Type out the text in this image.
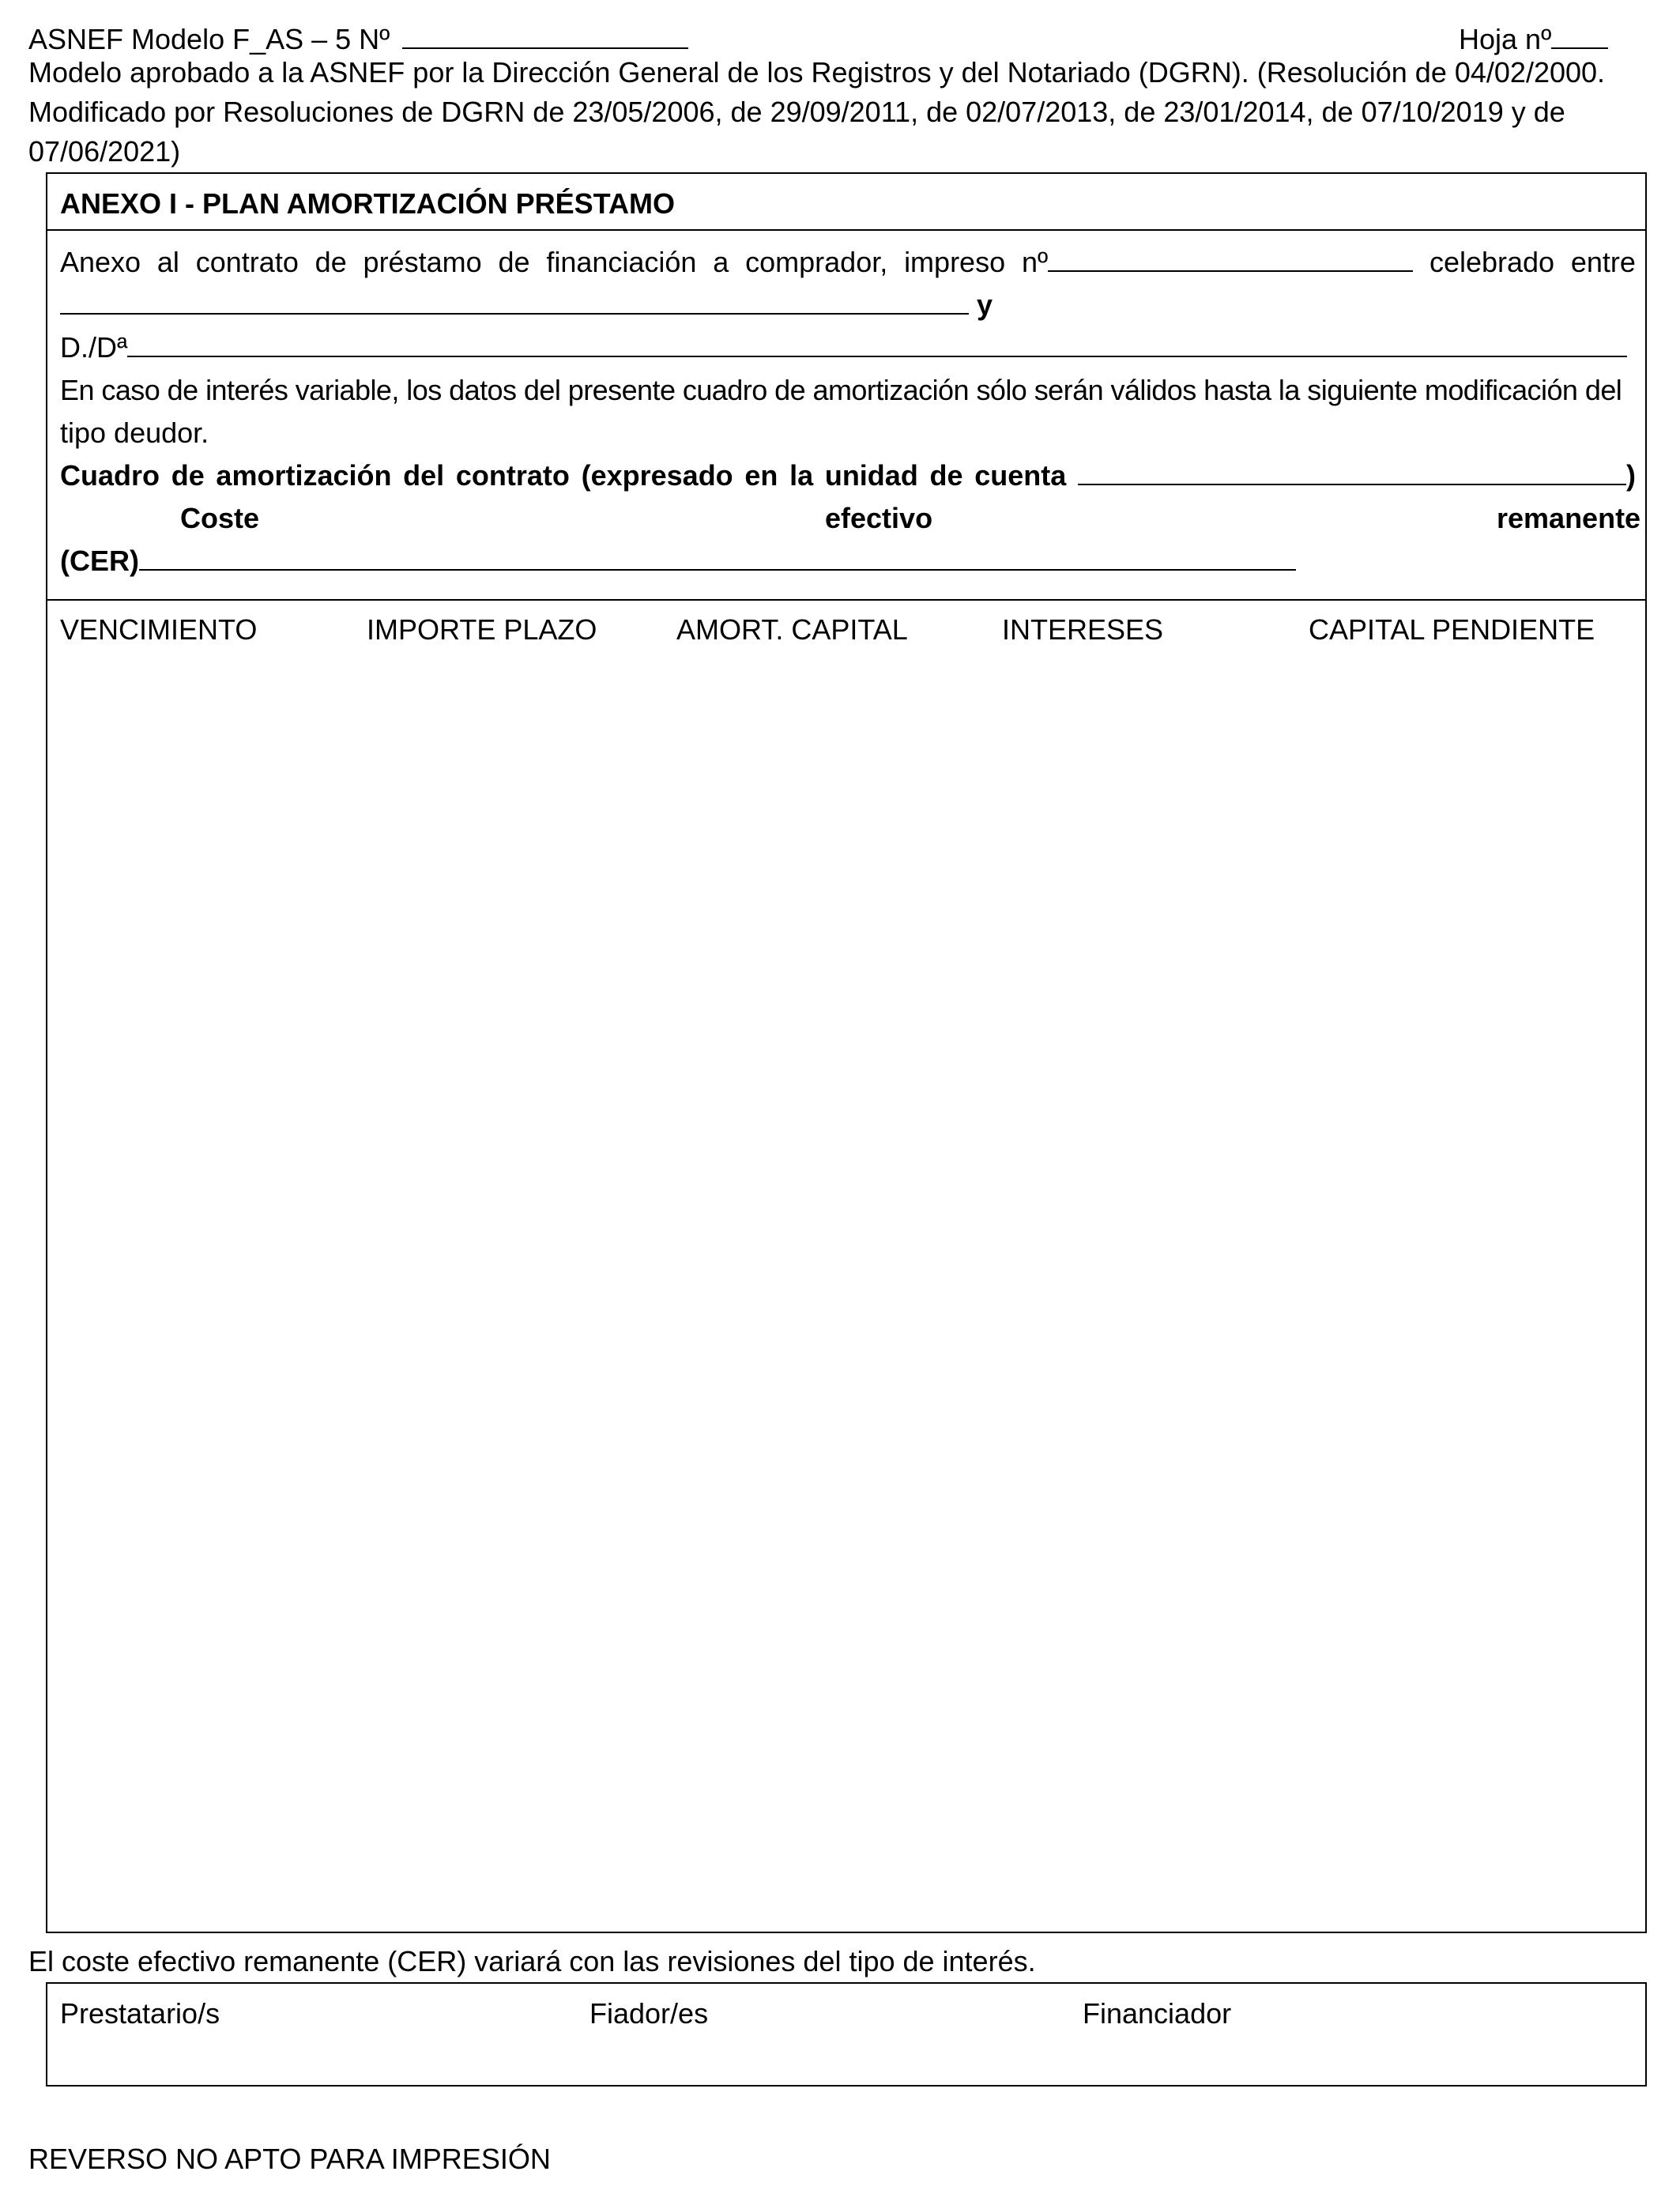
ASNEF Modelo F_AS – 5 Nº	Hoja nº
Modelo aprobado a la ASNEF por la Dirección General de los Registros y del Notariado (DGRN). (Resolución de 04/02/2000.
Modificado por Resoluciones de DGRN de 23/05/2006, de 29/09/2011, de 02/07/2013, de 23/01/2014, de 07/10/2019 y de
07/06/2021)
ANEXO I - PLAN AMORTIZACIÓN PRÉSTAMO
Anexo al contrato de préstamo de financiación a comprador, impreso nº	celebrado entre
y
D./Dª
En caso de interés variable, los datos del presente cuadro de amortización sólo serán válidos hasta la siguiente modificación del
tipo deudor.
Cuadro de amortización del contrato (expresado en la unidad de cuenta	)
Coste	efectivo	remanente
(CER)
VENCIMIENTO	IMPORTE PLAZO	AMORT. CAPITAL	INTERESES	CAPITAL PENDIENTE
El coste efectivo remanente (CER) variará con las revisiones del tipo de interés.
Prestatario/s	Fiador/es	Financiador
REVERSO NO APTO PARA IMPRESIÓN
